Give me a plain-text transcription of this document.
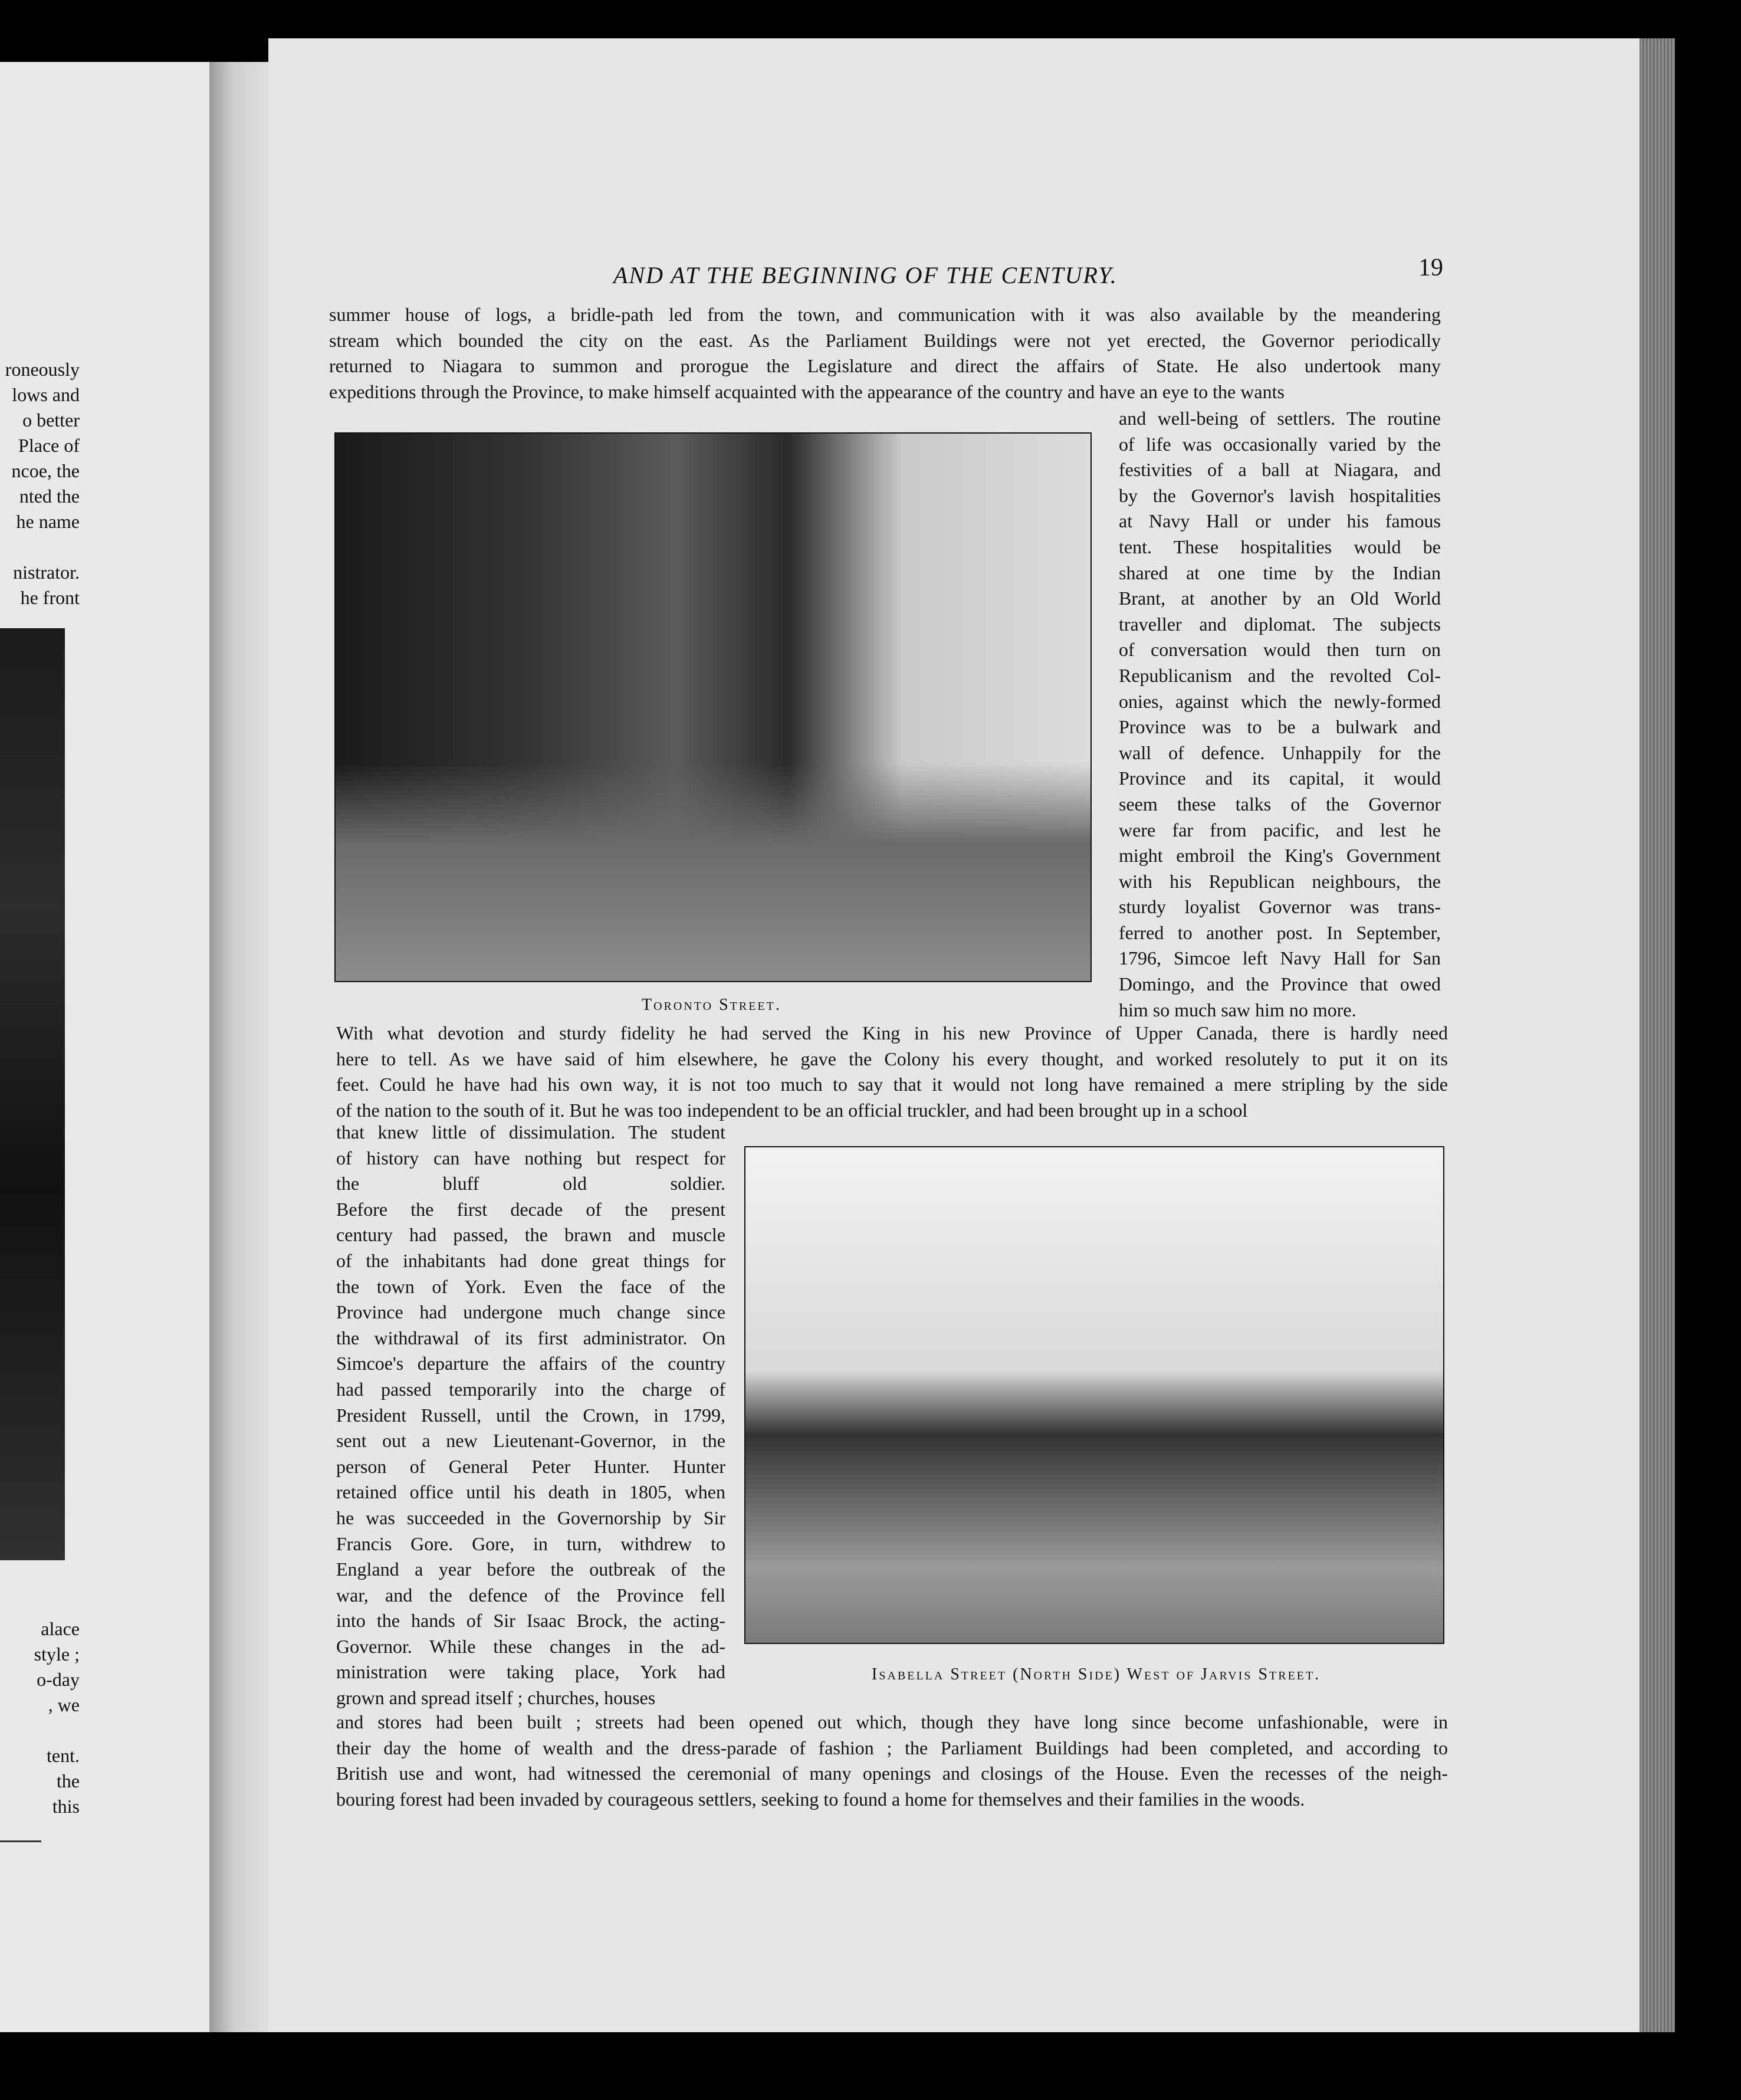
roneously
lows and
o better
Place of
ncoe, the
nted the
he name

nistrator.
he front
alace
style ;
o-day
, we

tent.
the
this
AND AT THE BEGINNING OF THE CENTURY.	19
summer house of logs, a bridle-path led from the town, and communication with it was also available by the meandering
stream which bounded the city on the east. As the Parliament Buildings were not yet erected, the Governor periodically
returned to Niagara to summon and prorogue the Legislature and direct the affairs of State. He also undertook many
expeditions through the Province, to make himself acquainted with the appearance of the country and have an eye to the wants
Toronto Street.
and well-being of settlers. The routine
of life was occasionally varied by the
festivities of a ball at Niagara, and
by the Governor's lavish hospitalities
at Navy Hall or under his famous
tent. These hospitalities would be
shared at one time by the Indian
Brant, at another by an Old World
traveller and diplomat. The subjects
of conversation would then turn on
Republicanism and the revolted Col-
onies, against which the newly-formed
Province was to be a bulwark and
wall of defence. Unhappily for the
Province and its capital, it would
seem these talks of the Governor
were far from pacific, and lest he
might embroil the King's Government
with his Republican neighbours, the
sturdy loyalist Governor was trans-
ferred to another post. In September,
1796, Simcoe left Navy Hall for San
Domingo, and the Province that owed
him so much saw him no more.
With what devotion and sturdy fidelity he had served the King in his new Province of Upper Canada, there is hardly need
here to tell. As we have said of him elsewhere, he gave the Colony his every thought, and worked resolutely to put it on its
feet. Could he have had his own way, it is not too much to say that it would not long have remained a mere stripling by the side
of the nation to the south of it. But he was too independent to be an official truckler, and had been brought up in a school
that knew little of dissimulation. The student
of history can have nothing but respect for
the bluff old soldier.
Before the first decade of the present
century had passed, the brawn and muscle
of the inhabitants had done great things for
the town of York. Even the face of the
Province had undergone much change since
the withdrawal of its first administrator. On
Simcoe's departure the affairs of the country
had passed temporarily into the charge of
President Russell, until the Crown, in 1799,
sent out a new Lieutenant-Governor, in the
person of General Peter Hunter. Hunter
retained office until his death in 1805, when
he was succeeded in the Governorship by Sir
Francis Gore. Gore, in turn, withdrew to
England a year before the outbreak of the
war, and the defence of the Province fell
into the hands of Sir Isaac Brock, the acting-
Governor. While these changes in the ad-
ministration were taking place, York had
grown and spread itself ; churches, houses
Isabella Street (North Side) West of Jarvis Street.
and stores had been built ; streets had been opened out which, though they have long since become unfashionable, were in
their day the home of wealth and the dress-parade of fashion ; the Parliament Buildings had been completed, and according to
British use and wont, had witnessed the ceremonial of many openings and closings of the House. Even the recesses of the neigh-
bouring forest had been invaded by courageous settlers, seeking to found a home for themselves and their families in the woods.
